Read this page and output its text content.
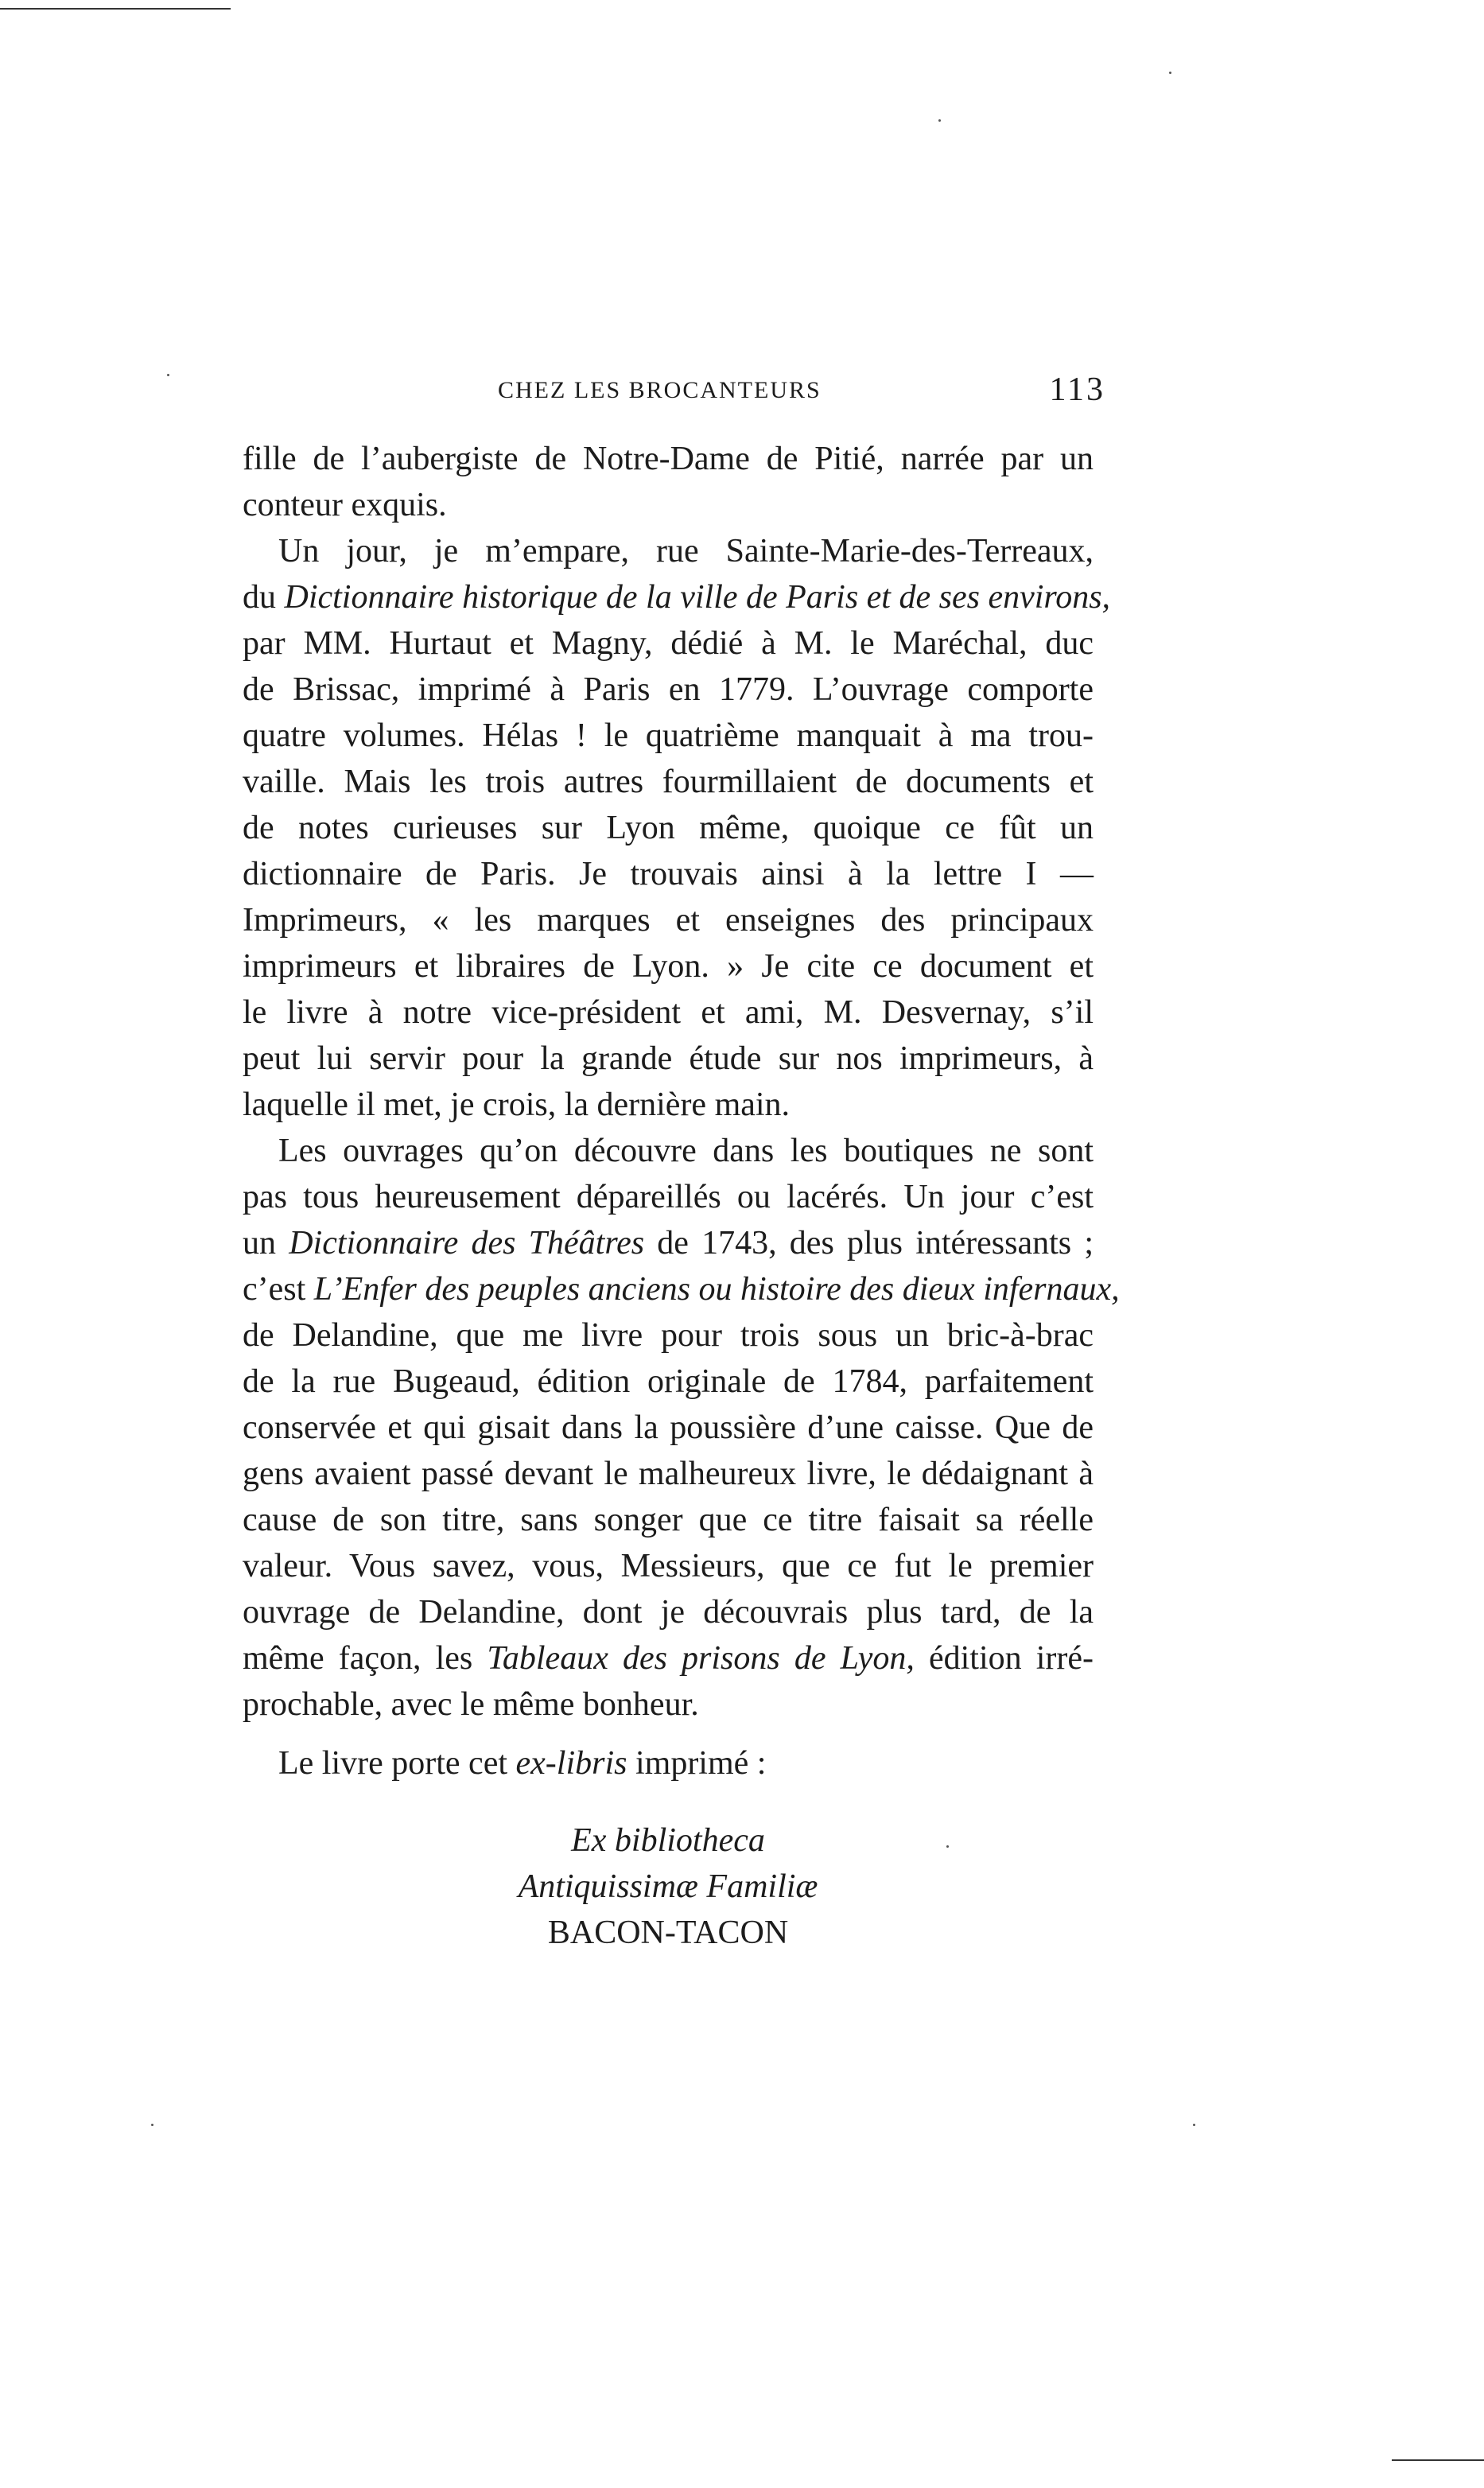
CHEZ LES BROCANTEURS	113
fille de l’aubergiste de Notre-Dame de Pitié, narrée par un
conteur exquis.
Un jour, je m’empare, rue Sainte-Marie-des-Terreaux,
du Dictionnaire historique de la ville de Paris et de ses environs,
par MM. Hurtaut et Magny, dédié à M. le Maréchal, duc
de Brissac, imprimé à Paris en 1779. L’ouvrage comporte
quatre volumes. Hélas ! le quatrième manquait à ma trou-
vaille. Mais les trois autres fourmillaient de documents et
de notes curieuses sur Lyon même, quoique ce fût un
dictionnaire de Paris. Je trouvais ainsi à la lettre I —
Imprimeurs, « les marques et enseignes des principaux
imprimeurs et libraires de Lyon. » Je cite ce document et
le livre à notre vice-président et ami, M. Desvernay, s’il
peut lui servir pour la grande étude sur nos imprimeurs, à
laquelle il met, je crois, la dernière main.
Les ouvrages qu’on découvre dans les boutiques ne sont
pas tous heureusement dépareillés ou lacérés. Un jour c’est
un Dictionnaire des Théâtres de 1743, des plus intéressants ;
c’est L’Enfer des peuples anciens ou histoire des dieux infernaux,
de Delandine, que me livre pour trois sous un bric-à-brac
de la rue Bugeaud, édition originale de 1784, parfaitement
conservée et qui gisait dans la poussière d’une caisse. Que de
gens avaient passé devant le malheureux livre, le dédaignant à
cause de son titre, sans songer que ce titre faisait sa réelle
valeur. Vous savez, vous, Messieurs, que ce fut le premier
ouvrage de Delandine, dont je découvrais plus tard, de la
même façon, les Tableaux des prisons de Lyon, édition irré-
prochable, avec le même bonheur.
Le livre porte cet ex-libris imprimé :
Ex bibliotheca
Antiquissimæ Familiæ
BACON-TACON
